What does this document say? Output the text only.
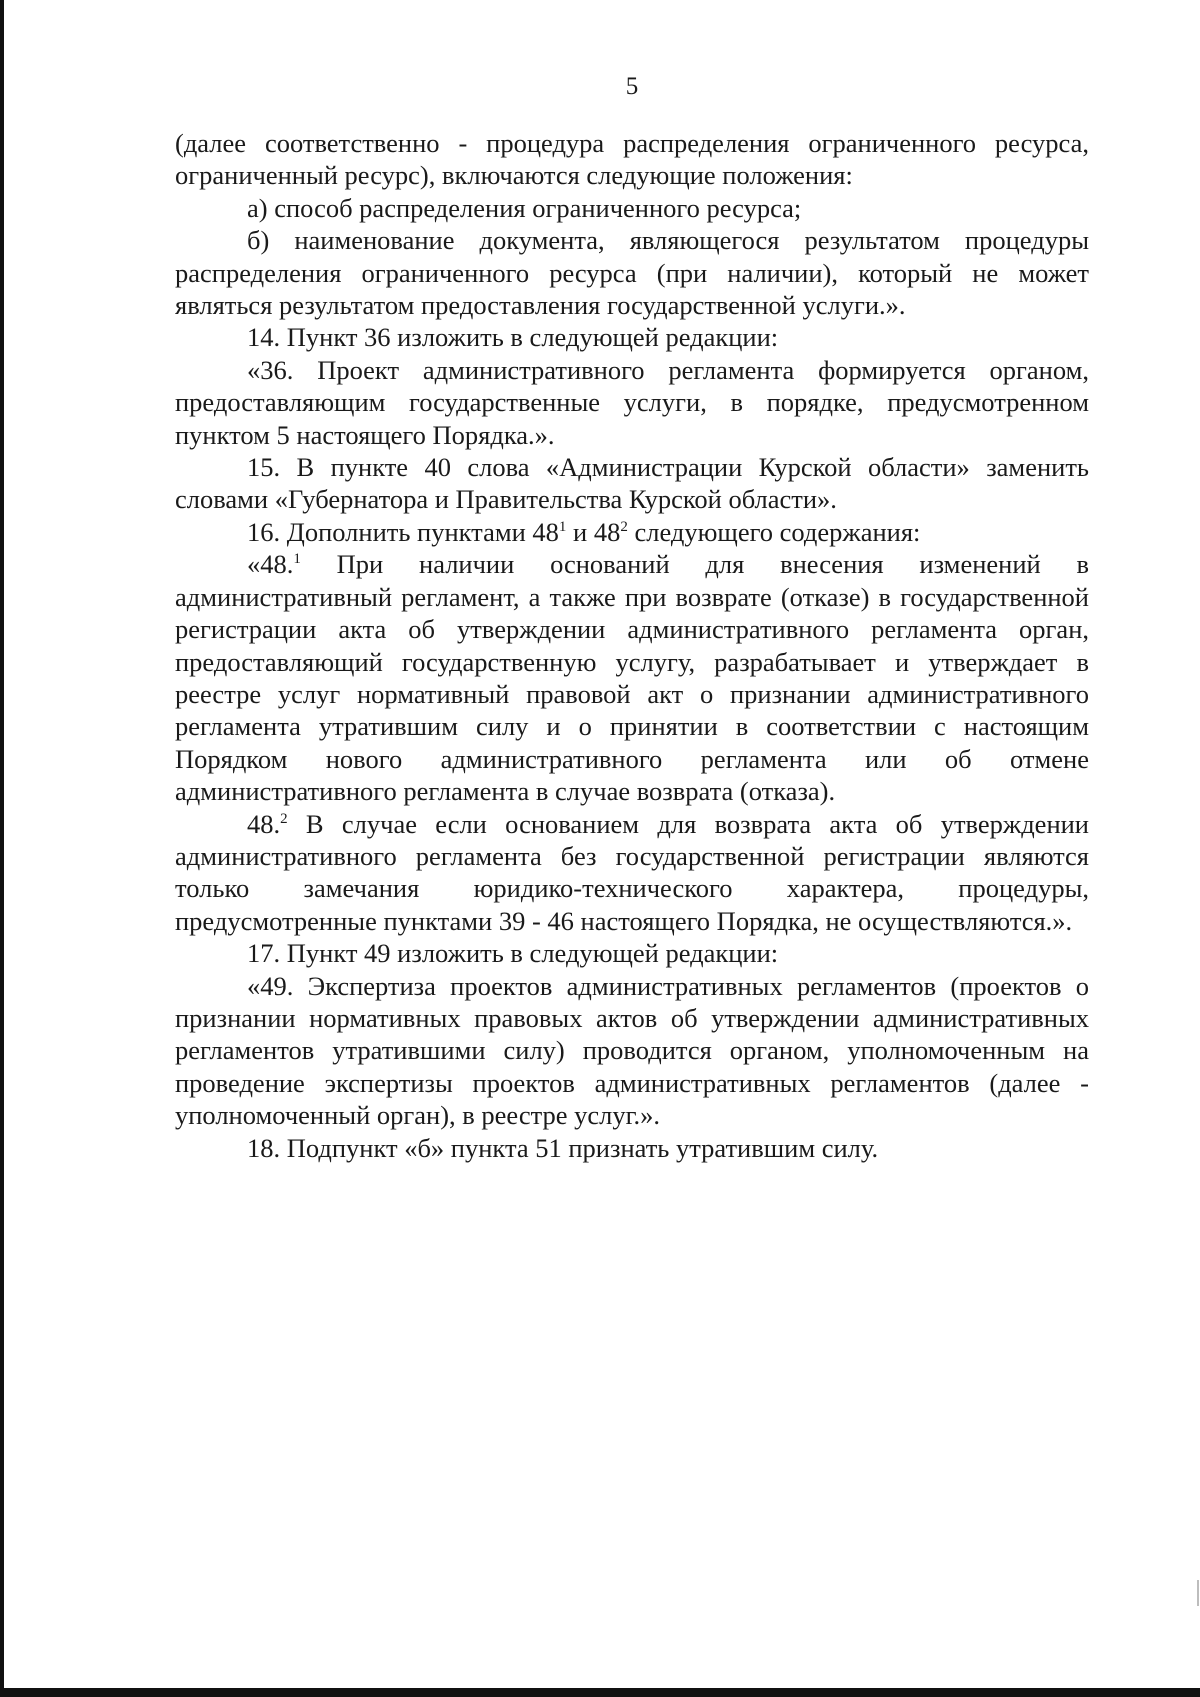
5

(далее соответственно - процедура распределения ограниченного ресурса, ограниченный ресурс), включаются следующие положения:

а) способ распределения ограниченного ресурса;

б) наименование документа, являющегося результатом процедуры распределения ограниченного ресурса (при наличии), который не может являться результатом предоставления государственной услуги.».

14. Пункт 36 изложить в следующей редакции:

«36. Проект административного регламента формируется органом, предоставляющим государственные услуги, в порядке, предусмотренном пунктом 5 настоящего Порядка.».

15. В пункте 40 слова «Администрации Курской области» заменить словами «Губернатора и Правительства Курской области».

16. Дополнить пунктами $48^1$ и $48^2$ следующего содержания:

«48.$^1$ При наличии оснований для внесения изменений в административный регламент, а также при возврате (отказе) в государственной регистрации акта об утверждении административного регламента орган, предоставляющий государственную услугу, разрабатывает и утверждает в реестре услуг нормативный правовой акт о признании административного регламента утратившим силу и о принятии в соответствии с настоящим Порядком нового административного регламента или об отмене административного регламента в случае возврата (отказа).

48.$^2$ В случае если основанием для возврата акта об утверждении административного регламента без государственной регистрации являются только замечания юридико-технического характера, процедуры, предусмотренные пунктами 39 - 46 настоящего Порядка, не осуществляются.».

17. Пункт 49 изложить в следующей редакции:

«49. Экспертиза проектов административных регламентов (проектов о признании нормативных правовых актов об утверждении административных регламентов утратившими силу) проводится органом, уполномоченным на проведение экспертизы проектов административных регламентов (далее - уполномоченный орган), в реестре услуг.».

18. Подпункт «б» пункта 51 признать утратившим силу.
